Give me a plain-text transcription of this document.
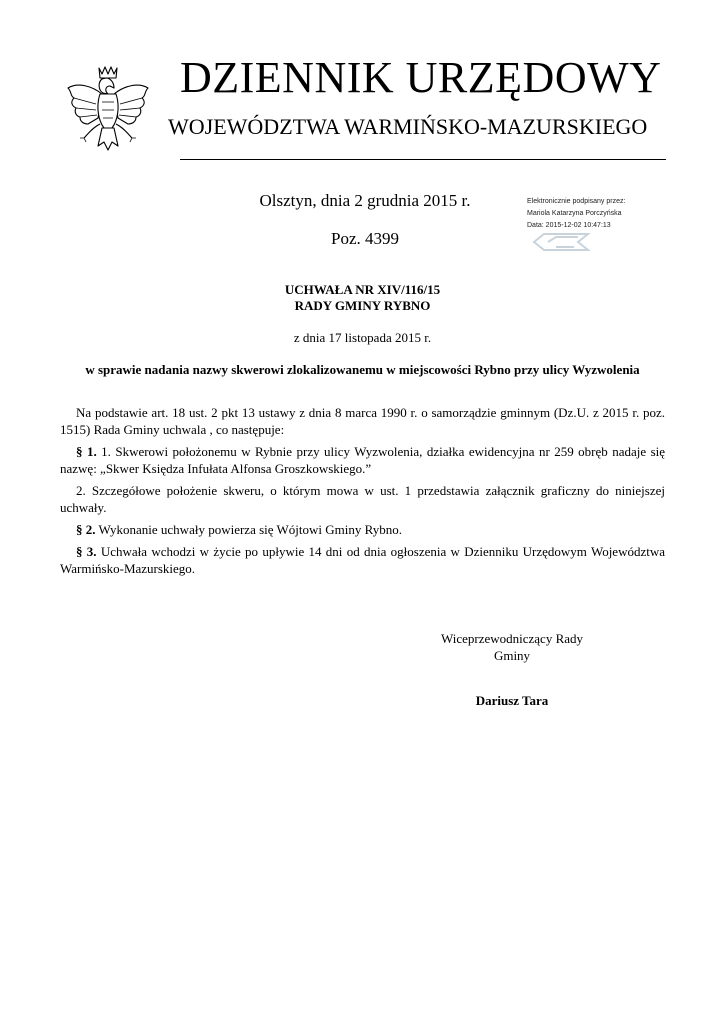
DZIENNIK URZĘDOWY
WOJEWÓDZTWA WARMIŃSKO-MAZURSKIEGO
Olsztyn, dnia 2 grudnia 2015 r.
Poz. 4399
Elektronicznie podpisany przez:
Mariola Katarzyna Porczyńska
Data: 2015-12-02 10:47:13
UCHWAŁA NR XIV/116/15
RADY GMINY RYBNO
z dnia 17 listopada 2015 r.
w sprawie nadania nazwy skwerowi zlokalizowanemu w miejscowości Rybno przy ulicy Wyzwolenia

Na podstawie art. 18 ust. 2 pkt 13 ustawy z dnia 8 marca 1990 r. o samorządzie gminnym (Dz.U. z 2015 r. poz. 1515) Rada Gminy uchwala , co następuje:

§ 1. 1. Skwerowi położonemu w Rybnie przy ulicy Wyzwolenia, działka ewidencyjna nr 259 obręb nadaje się nazwę: „Skwer Księdza Infułata Alfonsa Groszkowskiego.”

2. Szczegółowe położenie skweru, o którym mowa w ust. 1 przedstawia załącznik graficzny do niniejszej uchwały.

§ 2. Wykonanie uchwały powierza się Wójtowi Gminy Rybno.

§ 3. Uchwała wchodzi w życie po upływie 14 dni od dnia ogłoszenia w Dzienniku Urzędowym Województwa Warmińsko-Mazurskiego.

Wiceprzewodniczący Rady
Gminy
Dariusz Tara
